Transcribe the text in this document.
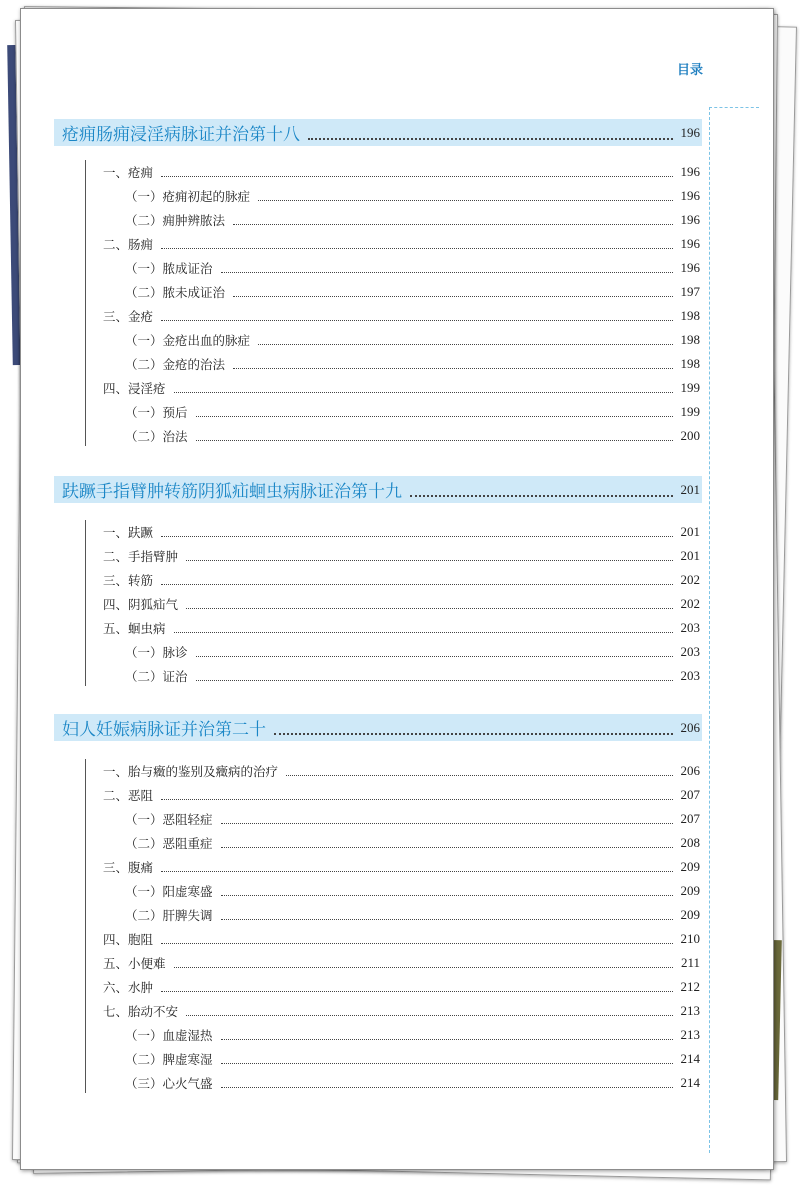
目录
疮痈肠痈浸淫病脉证并治第十八	196
一、疮痈	196
（一）疮痈初起的脉症	196
（二）痈肿辨脓法	196
二、肠痈	196
（一）脓成证治	196
（二）脓未成证治	197
三、金疮	198
（一）金疮出血的脉症	198
（二）金疮的治法	198
四、浸淫疮	199
（一）预后	199
（二）治法	200
趺蹶手指臂肿转筋阴狐疝蛔虫病脉证治第十九	201
一、趺蹶	201
二、手指臂肿	201
三、转筋	202
四、阴狐疝气	202
五、蛔虫病	203
（一）脉诊	203
（二）证治	203
妇人妊娠病脉证并治第二十	206
一、胎与癥的鉴别及癥病的治疗	206
二、恶阻	207
（一）恶阻轻症	207
（二）恶阻重症	208
三、腹痛	209
（一）阳虚寒盛	209
（二）肝脾失调	209
四、胞阻	210
五、小便难	211
六、水肿	212
七、胎动不安	213
（一）血虚湿热	213
（二）脾虚寒湿	214
（三）心火气盛	214
